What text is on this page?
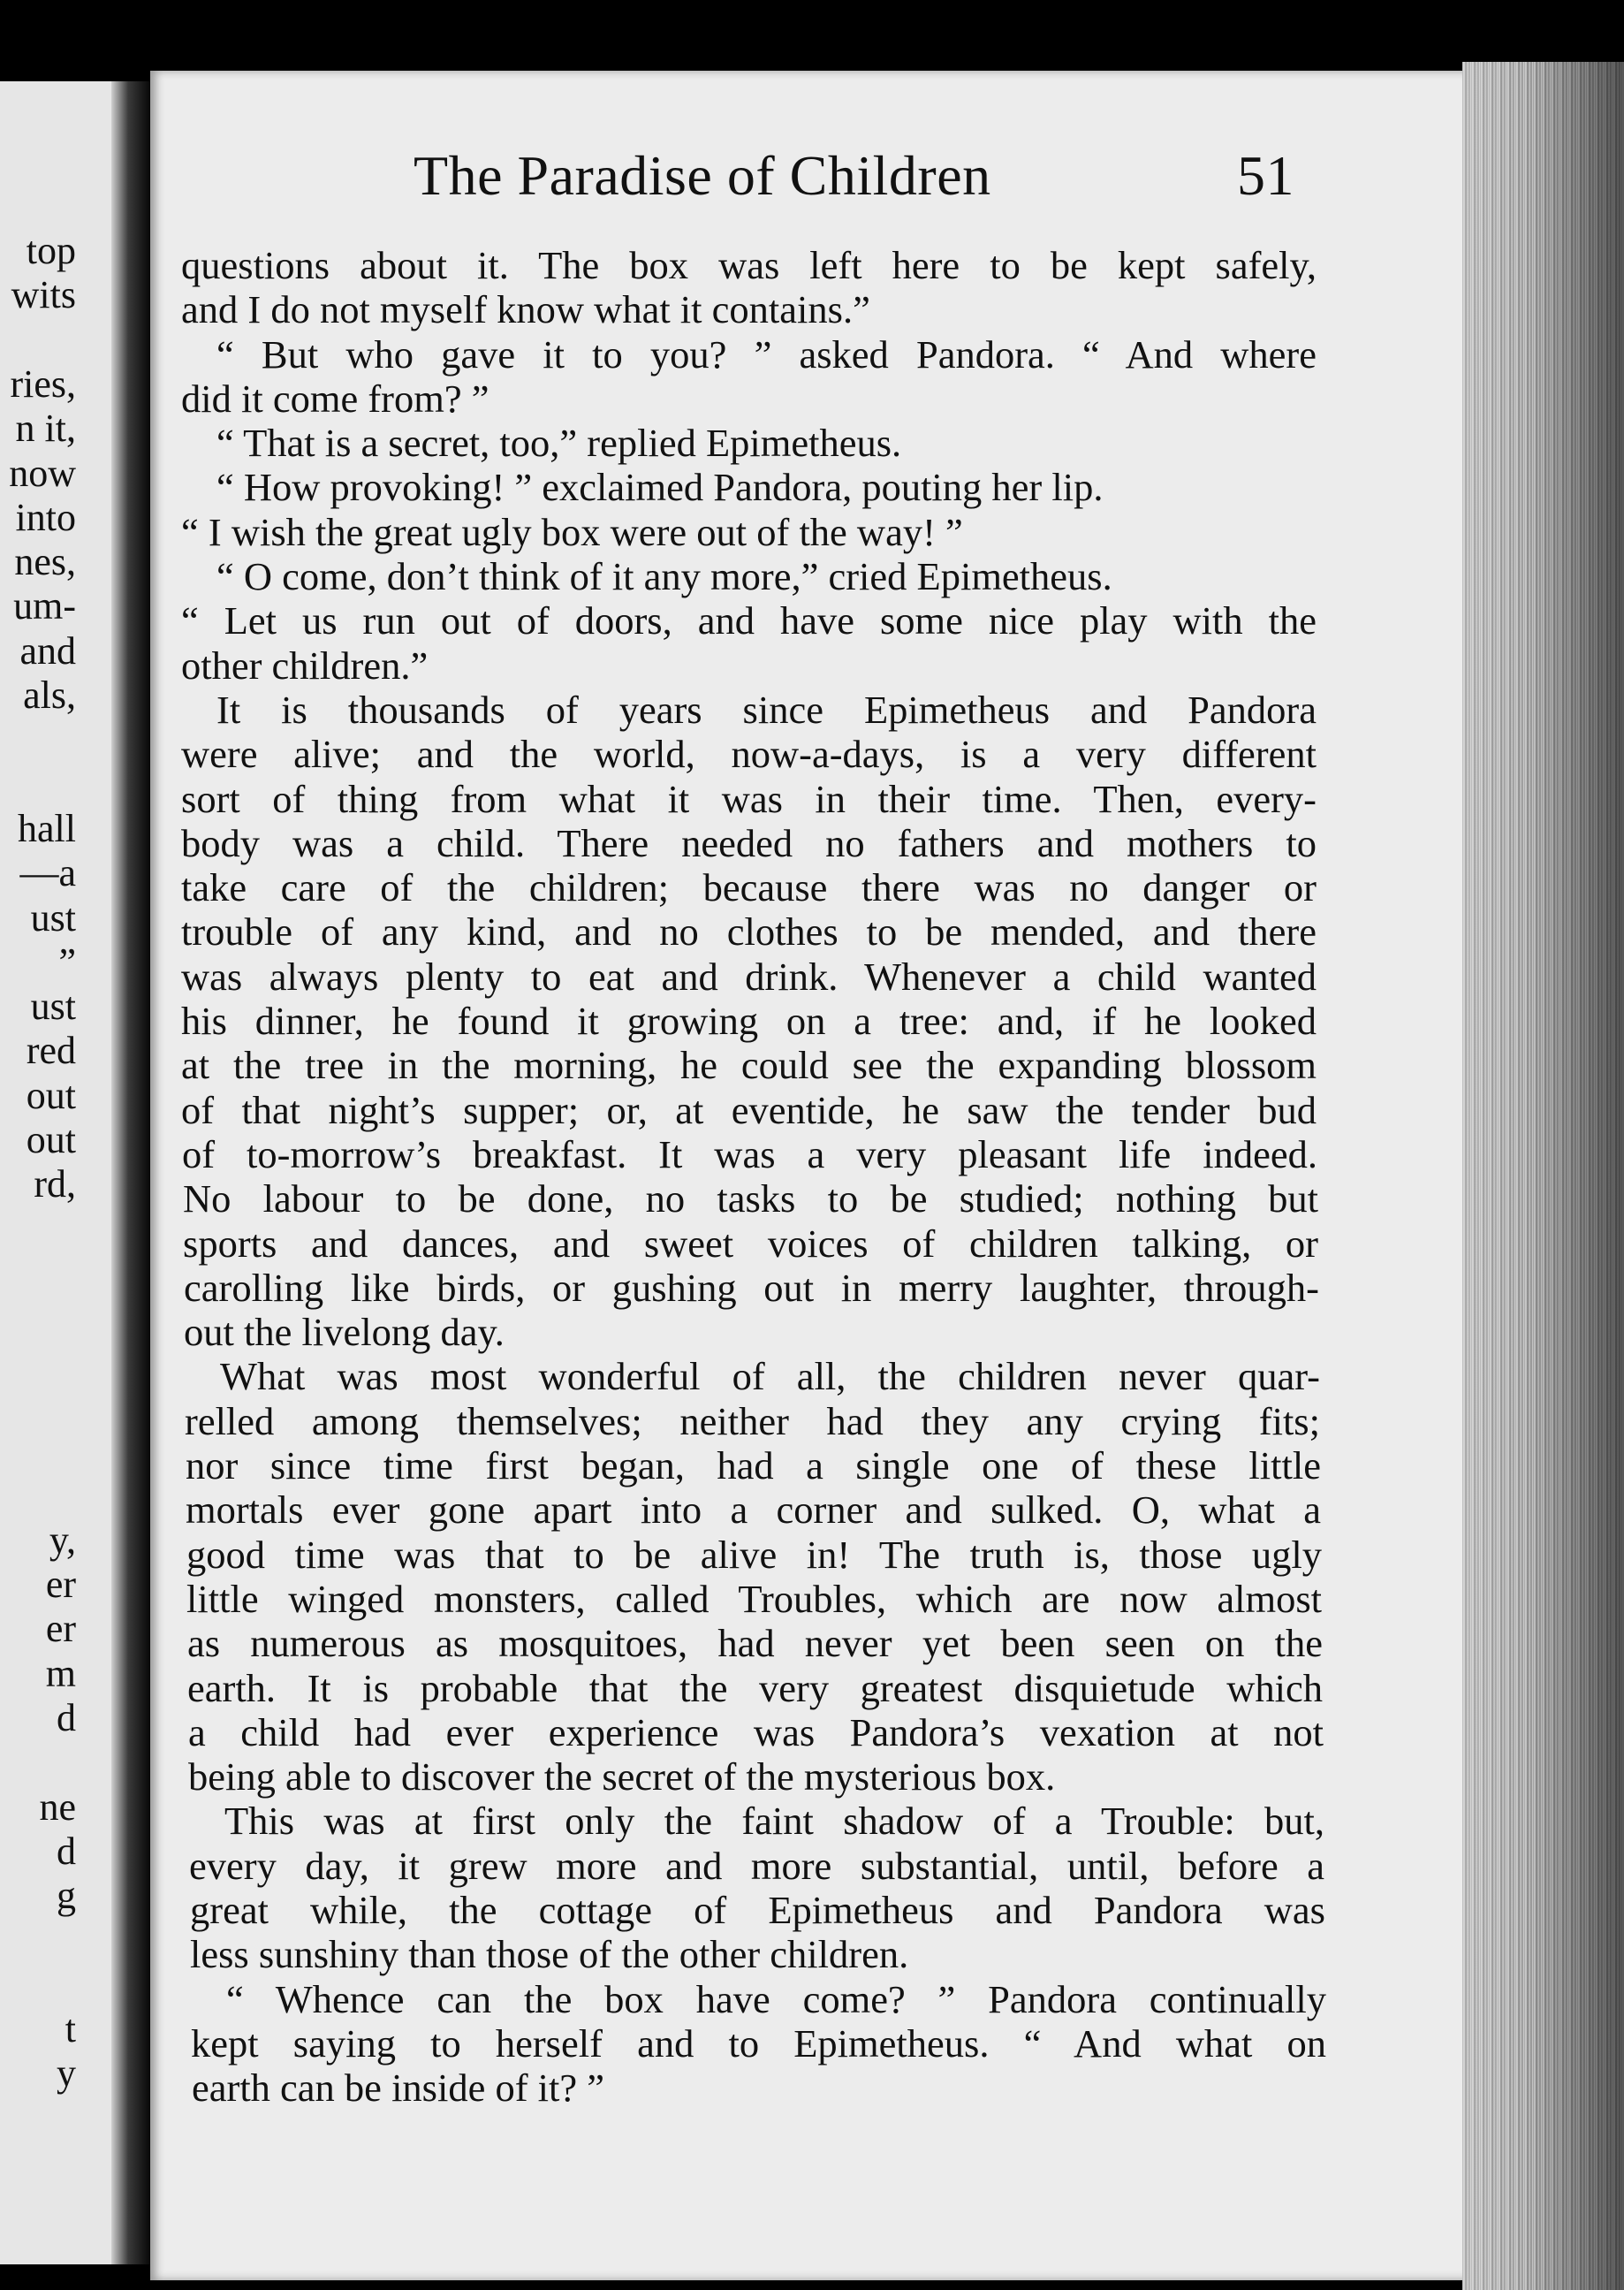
top
wits
ries,
n it,
now
into
nes,
um-
and
als,
hall
—a
ust
”
ust
red
out
out
rd,
y,
er
er
m
d
ne
d
g
t
y
The Paradise of Children	51
questions about it. The box was left here to be kept safely,
and I do not myself know what it contains.”
“ But who gave it to you? ” asked Pandora. “ And where
did it come from? ”
“ That is a secret, too,” replied Epimetheus.
“ How provoking! ” exclaimed Pandora, pouting her lip.
“ I wish the great ugly box were out of the way! ”
“ O come, don’t think of it any more,” cried Epimetheus.
“ Let us run out of doors, and have some nice play with the
other children.”
It is thousands of years since Epimetheus and Pandora
were alive; and the world, now-a-days, is a very different
sort of thing from what it was in their time. Then, every-
body was a child. There needed no fathers and mothers to
take care of the children; because there was no danger or
trouble of any kind, and no clothes to be mended, and there
was always plenty to eat and drink. Whenever a child wanted
his dinner, he found it growing on a tree: and, if he looked
at the tree in the morning, he could see the expanding blossom
of that night’s supper; or, at eventide, he saw the tender bud
of to-morrow’s breakfast. It was a very pleasant life indeed.
No labour to be done, no tasks to be studied; nothing but
sports and dances, and sweet voices of children talking, or
carolling like birds, or gushing out in merry laughter, through-
out the livelong day.
What was most wonderful of all, the children never quar-
relled among themselves; neither had they any crying fits;
nor since time first began, had a single one of these little
mortals ever gone apart into a corner and sulked. O, what a
good time was that to be alive in! The truth is, those ugly
little winged monsters, called Troubles, which are now almost
as numerous as mosquitoes, had never yet been seen on the
earth. It is probable that the very greatest disquietude which
a child had ever experience was Pandora’s vexation at not
being able to discover the secret of the mysterious box.
This was at first only the faint shadow of a Trouble: but,
every day, it grew more and more substantial, until, before a
great while, the cottage of Epimetheus and Pandora was
less sunshiny than those of the other children.
“ Whence can the box have come? ” Pandora continually
kept saying to herself and to Epimetheus. “ And what on
earth can be inside of it? ”
